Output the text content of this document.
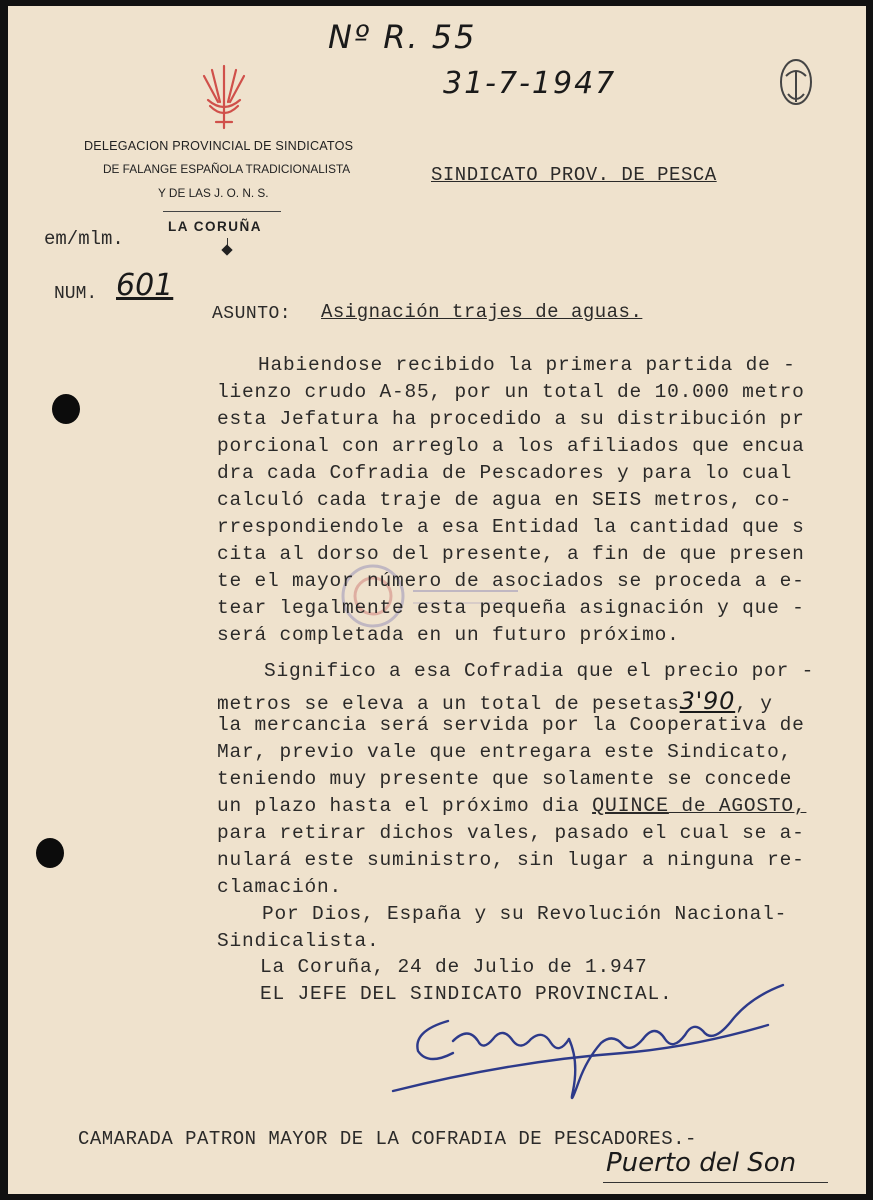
Nº R. 55
31-7-1947
DELEGACION PROVINCIAL DE SINDICATOS
DE FALANGE ESPAÑOLA TRADICIONALISTA
Y DE LAS J. O. N. S.
LA CORUÑA
SINDICATO PROV. DE PESCA
em/mlm.
NUM. 601
ASUNTO: Asignación trajes de aguas.
Habiendose recibido la primera partida de -
lienzo crudo A-85, por un total de 10.000 metro
esta Jefatura ha procedido a su distribución pr
porcional con arreglo a los afiliados que encua
dra cada Cofradia de Pescadores y para lo cual
calculó cada traje de agua en SEIS metros, co-
rrespondiendole a esa Entidad la cantidad que s
cita al dorso del presente, a fin de que presen
te el mayor número de asociados se proceda a e-
tear legalmente esta pequeña asignación y que -
será completada en un futuro próximo.
Significo a esa Cofradia que el precio por -
metros se eleva a un total de pesetas3'90, y
la mercancia será servida por la Cooperativa de
Mar, previo vale que entregara este Sindicato,
teniendo muy presente que solamente se concede
un plazo hasta el próximo dia QUINCE de AGOSTO,
para retirar dichos vales, pasado el cual se a-
nulará este suministro, sin lugar a ninguna re-
clamación.
Por Dios, España y su Revolución Nacional-
Sindicalista.
La Coruña, 24 de Julio de 1.947
EL JEFE DEL SINDICATO PROVINCIAL.
CAMARADA PATRON MAYOR DE LA COFRADIA DE PESCADORES.-
Puerto del Son
